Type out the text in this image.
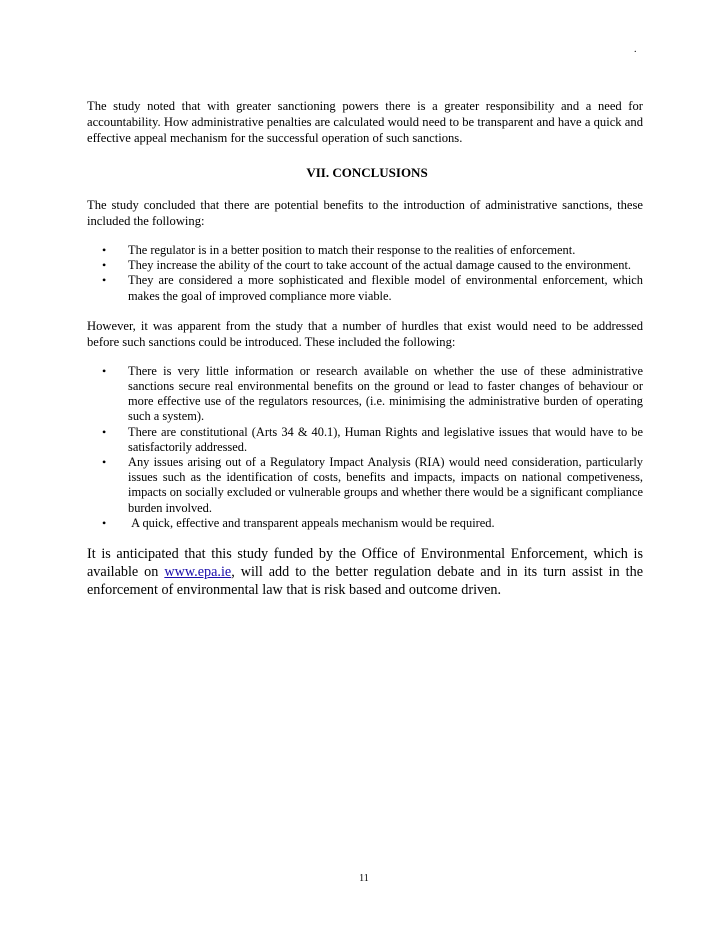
.

The study noted that with greater sanctioning powers there is a greater responsibility and a need for accountability. How administrative penalties are calculated would need to be transparent and have a quick and effective appeal mechanism for the successful operation of such sanctions.

VII. CONCLUSIONS

The study concluded that there are potential benefits to the introduction of administrative sanctions, these included the following:

• The regulator is in a better position to match their response to the realities of enforcement.
• They increase the ability of the court to take account of the actual damage caused to the environment.
• They are considered a more sophisticated and flexible model of environmental enforcement, which makes the goal of improved compliance more viable.

However, it was apparent from the study that a number of hurdles that exist would need to be addressed before such sanctions could be introduced. These included the following:

• There is very little information or research available on whether the use of these administrative sanctions secure real environmental benefits on the ground or lead to faster changes of behaviour or more effective use of the regulators resources, (i.e. minimising the administrative burden of operating such a system).
• There are constitutional (Arts 34 & 40.1), Human Rights and legislative issues that would have to be satisfactorily addressed.
• Any issues arising out of a Regulatory Impact Analysis (RIA) would need consideration, particularly issues such as the identification of costs, benefits and impacts, impacts on national competiveness, impacts on socially excluded or vulnerable groups and whether there would be a significant compliance burden involved.
• A quick, effective and transparent appeals mechanism would be required.

It is anticipated that this study funded by the Office of Environmental Enforcement, which is available on www.epa.ie, will add to the better regulation debate and in its turn assist in the enforcement of environmental law that is risk based and outcome driven.

11
